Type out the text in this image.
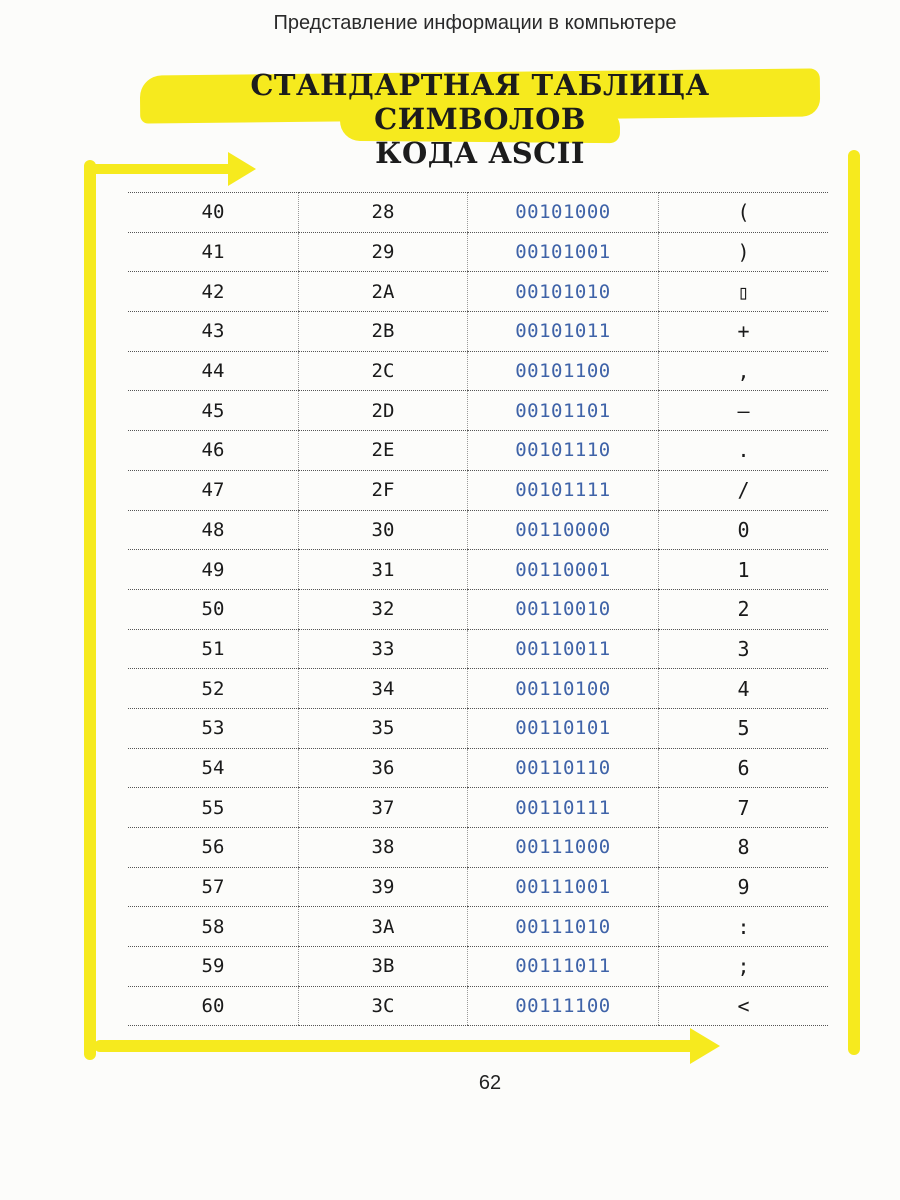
Представление информации в компьютере
СТАНДАРТНАЯ ТАБЛИЦА СИМВОЛОВ
КОДА ASCII
40	28	00101000	(
41	29	00101001	)
42	2A	00101010	▯
43	2B	00101011	+
44	2C	00101100	,
45	2D	00101101	–
46	2E	00101110	.
47	2F	00101111	/
48	30	00110000	0
49	31	00110001	1
50	32	00110010	2
51	33	00110011	3
52	34	00110100	4
53	35	00110101	5
54	36	00110110	6
55	37	00110111	7
56	38	00111000	8
57	39	00111001	9
58	3A	00111010	:
59	3B	00111011	;
60	3C	00111100	<
62
